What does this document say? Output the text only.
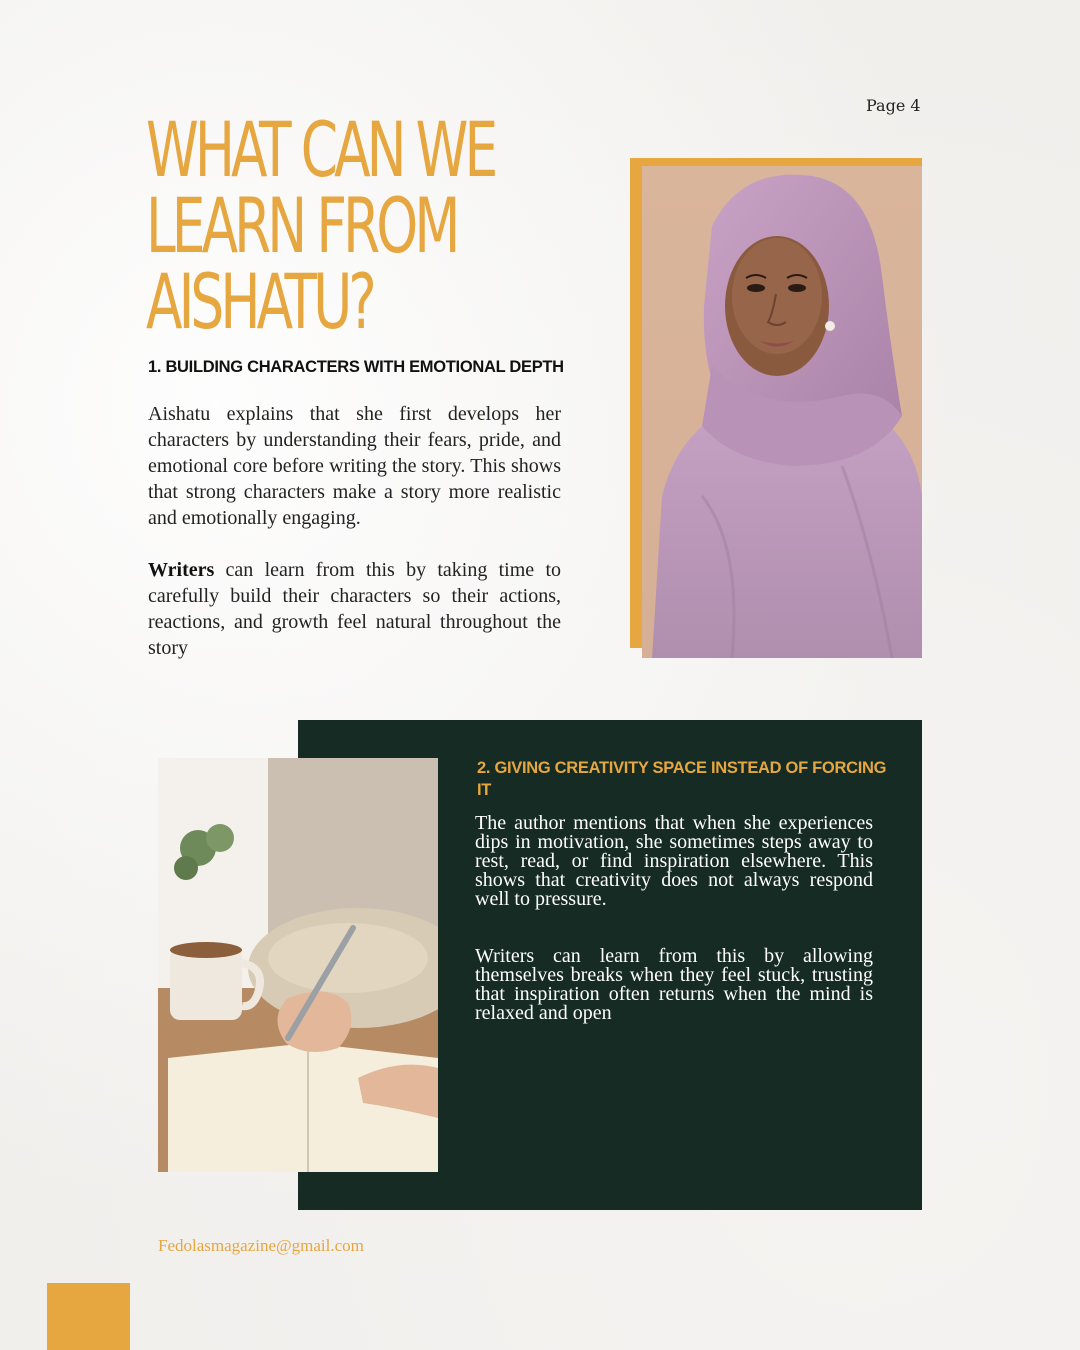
Page 4
WHAT CAN WE
LEARN FROM
AISHATU?
1. BUILDING CHARACTERS WITH EMOTIONAL DEPTH

Aishatu explains that she first develops her characters by understanding their fears, pride, and emotional core before writing the story. This shows that strong characters make a story more realistic and emotionally engaging.

Writers can learn from this by taking time to carefully build their characters so their actions, reactions, and growth feel natural throughout the story

2. GIVING CREATIVITY SPACE INSTEAD OF FORCING IT

The author mentions that when she experiences dips in motivation, she sometimes steps away to rest, read, or find inspiration elsewhere. This shows that creativity does not always respond well to pressure.

Writers can learn from this by allowing themselves breaks when they feel stuck, trusting that inspiration often returns when the mind is relaxed and open

Fedolasmagazine@gmail.com
